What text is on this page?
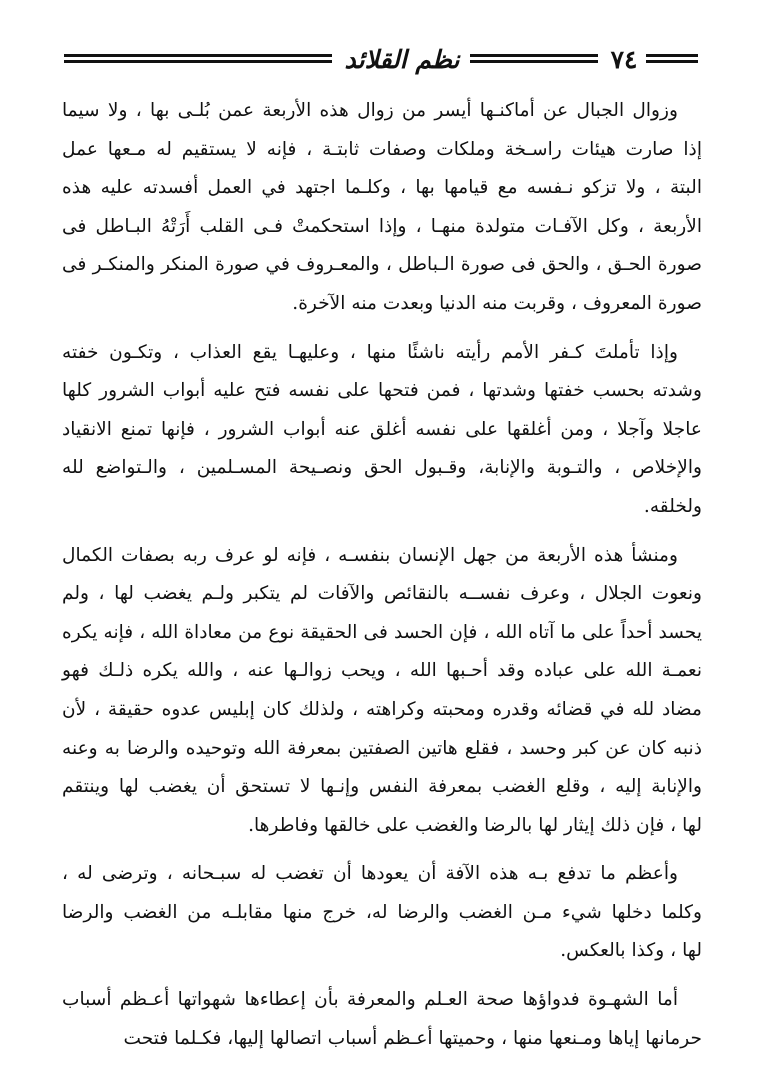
نظم القلائد	٧٤
وزوال الجبال عن أماكنـها أيسر من زوال هذه الأربعة عمن بُلـى بها ، ولا سيما
إذا صارت هيئات راسـخة وملكات وصفات ثابتـة ، فإنه لا يستقيم له مـعها عمل
البتة ، ولا تزكو نـفسه مع قيامها بها ، وكلـما اجتهد في العمل أفسدته عليه هذه
الأربعة ، وكل الآفـات متولدة منهـا ، وإذا استحكمتْ فـى القلب أَرَتْهُ البـاطل فى
صورة الحـق ، والحق فى صورة الـباطل ، والمعـروف في صورة المنكر والمنكـر فى
صورة المعروف ، وقربت منه الدنيا وبعدت منه الآخرة.
وإذا تأملتَ كـفر الأمم رأيته ناشئًا منها ، وعليهـا يقع العذاب ، وتكـون خفته
وشدته بحسب خفتها وشدتها ، فمن فتحها على نفسه فتح عليه أبواب الشرور كلها
عاجلا وآجلا ، ومن أغلقها على نفسه أغلق عنه أبواب الشرور ، فإنها تمنع الانقياد
والإخلاص ، والتـوبة والإنابة، وقـبول الحق ونصـيحة المسـلمين ، والـتواضع لله
ولخلقه.
ومنشأ هذه الأربعة من جهل الإنسان بنفسـه ، فإنه لو عرف ربه بصفات الكمال
ونعوت الجلال ، وعرف نفســه بالنقائص والآفات لم يتكبر ولـم يغضب لها ، ولم
يحسد أحداً على ما آتاه الله ، فإن الحسد فى الحقيقة نوع من معاداة الله ، فإنه يكره
نعمـة الله على عباده وقد أحـبها الله ، ويحب زوالـها عنه ، والله يكره ذلـك فهو
مضاد لله في قضائه وقدره ومحبته وكراهته ، ولذلك كان إبليس عدوه حقيقة ، لأن
ذنبه كان عن كبر وحسد ، فقلع هاتين الصفتين بمعرفة الله وتوحيده والرضا به وعنه
والإنابة إليه ، وقلع الغضب بمعرفة النفس وإنـها لا تستحق أن يغضب لها وينتقم
لها ، فإن ذلك إيثار لها بالرضا والغضب على خالقها وفاطرها.
وأعظم ما تدفع بـه هذه الآفة أن يعودها أن تغضب له سبـحانه ، وترضى له ،
وكلما دخلها شيء مـن الغضب والرضا له، خرج منها مقابلـه من الغضب والرضا
لها ، وكذا بالعكس.
أما الشهـوة فدواؤها صحة العـلم والمعرفة بأن إعطاءها شهواتها أعـظم أسباب
حرمانها إياها ومـنعها منها ، وحميتها أعـظم أسباب اتصالها إليها، فكـلما فتحت
